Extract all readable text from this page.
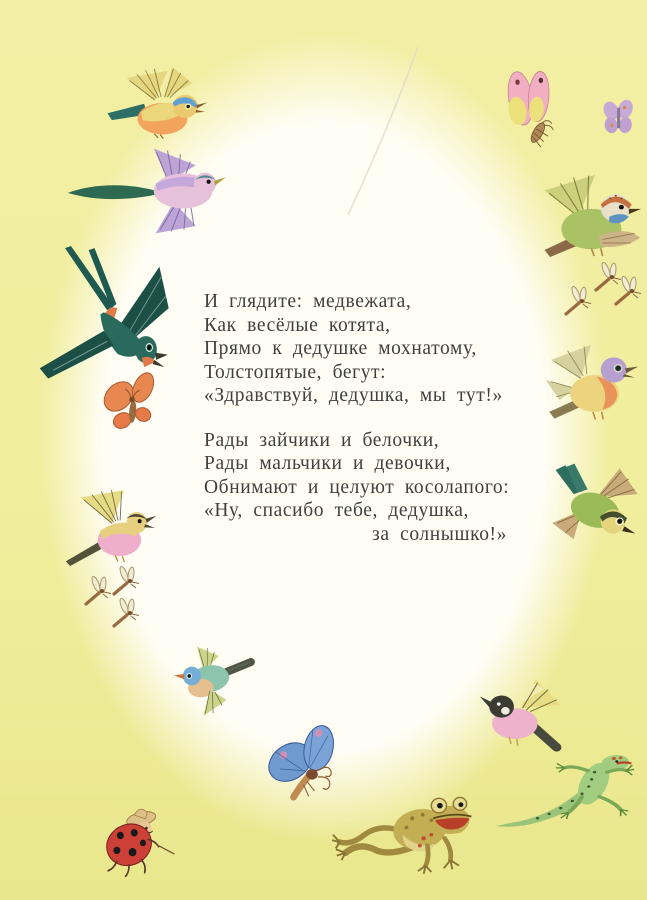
И глядите: медвежата,
Как весёлые котята,
Прямо к дедушке мохнатому,
Толстопятые, бегут:
«Здравствуй, дедушка, мы тут!»
Рады зайчики и белочки,
Рады мальчики и девочки,
Обнимают и целуют косолапого:
«Ну, спасибо тебе, дедушка,
за солнышко!»
